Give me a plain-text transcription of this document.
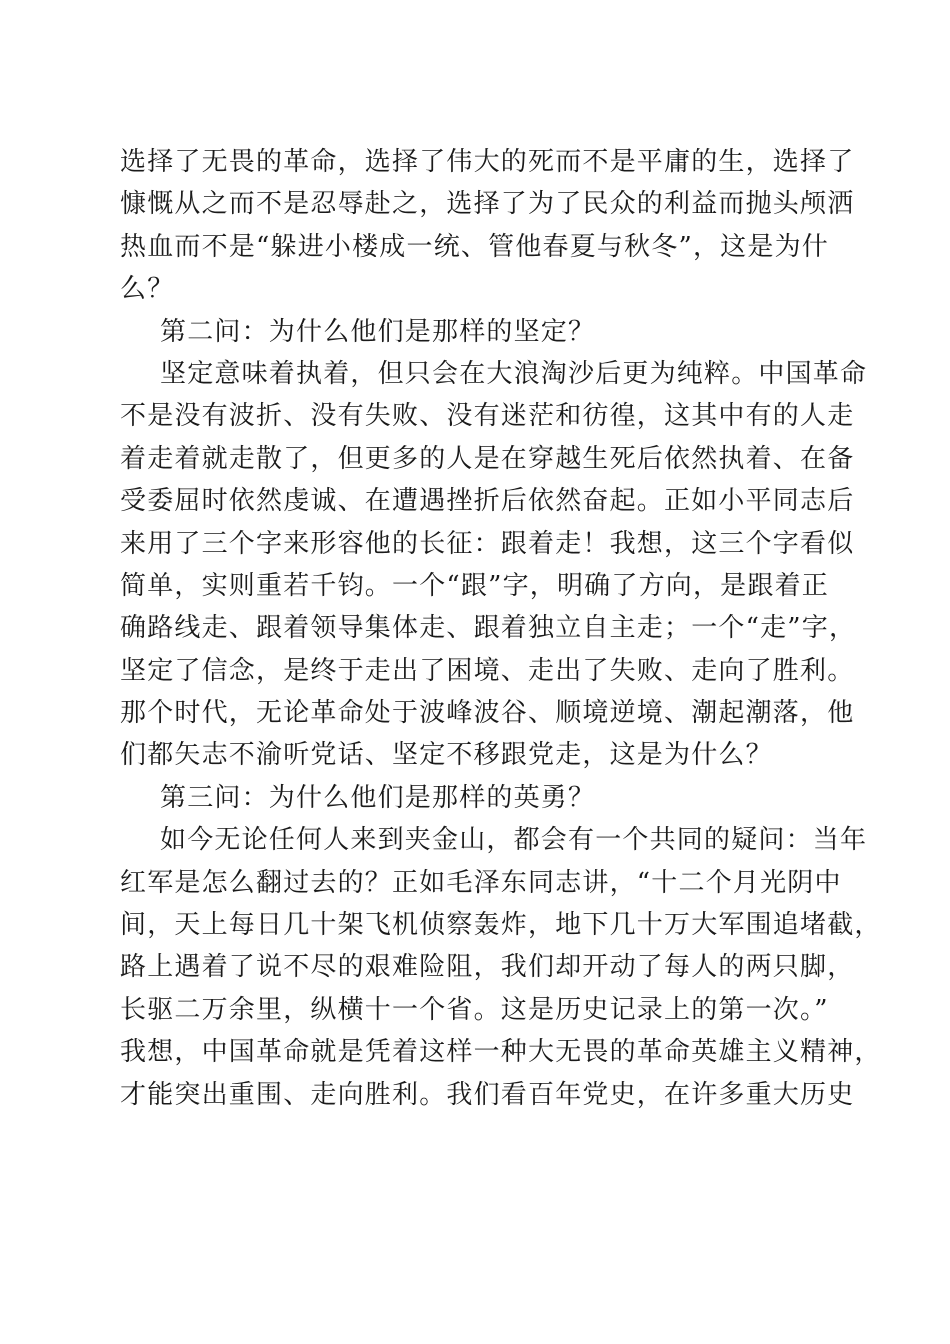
选择了无畏的革命，选择了伟大的死而不是平庸的生，选择了
慷慨从之而不是忍辱赴之，选择了为了民众的利益而抛头颅洒
热血而不是“躲进小楼成一统、管他春夏与秋冬”，这是为什
么？
第二问：为什么他们是那样的坚定？
坚定意味着执着，但只会在大浪淘沙后更为纯粹。中国革命
不是没有波折、没有失败、没有迷茫和彷徨，这其中有的人走
着走着就走散了，但更多的人是在穿越生死后依然执着、在备
受委屈时依然虔诚、在遭遇挫折后依然奋起。正如小平同志后
来用了三个字来形容他的长征：跟着走！我想，这三个字看似
简单，实则重若千钧。一个“跟”字，明确了方向，是跟着正
确路线走、跟着领导集体走、跟着独立自主走；一个“走”字，
坚定了信念，是终于走出了困境、走出了失败、走向了胜利。
那个时代，无论革命处于波峰波谷、顺境逆境、潮起潮落，他
们都矢志不渝听党话、坚定不移跟党走，这是为什么？
第三问：为什么他们是那样的英勇？
如今无论任何人来到夹金山，都会有一个共同的疑问：当年
红军是怎么翻过去的？正如毛泽东同志讲，“十二个月光阴中
间，天上每日几十架飞机侦察轰炸，地下几十万大军围追堵截，
路上遇着了说不尽的艰难险阻，我们却开动了每人的两只脚，
长驱二万余里，纵横十一个省。这是历史记录上的第一次。”
我想，中国革命就是凭着这样一种大无畏的革命英雄主义精神，
才能突出重围、走向胜利。我们看百年党史，在许多重大历史
